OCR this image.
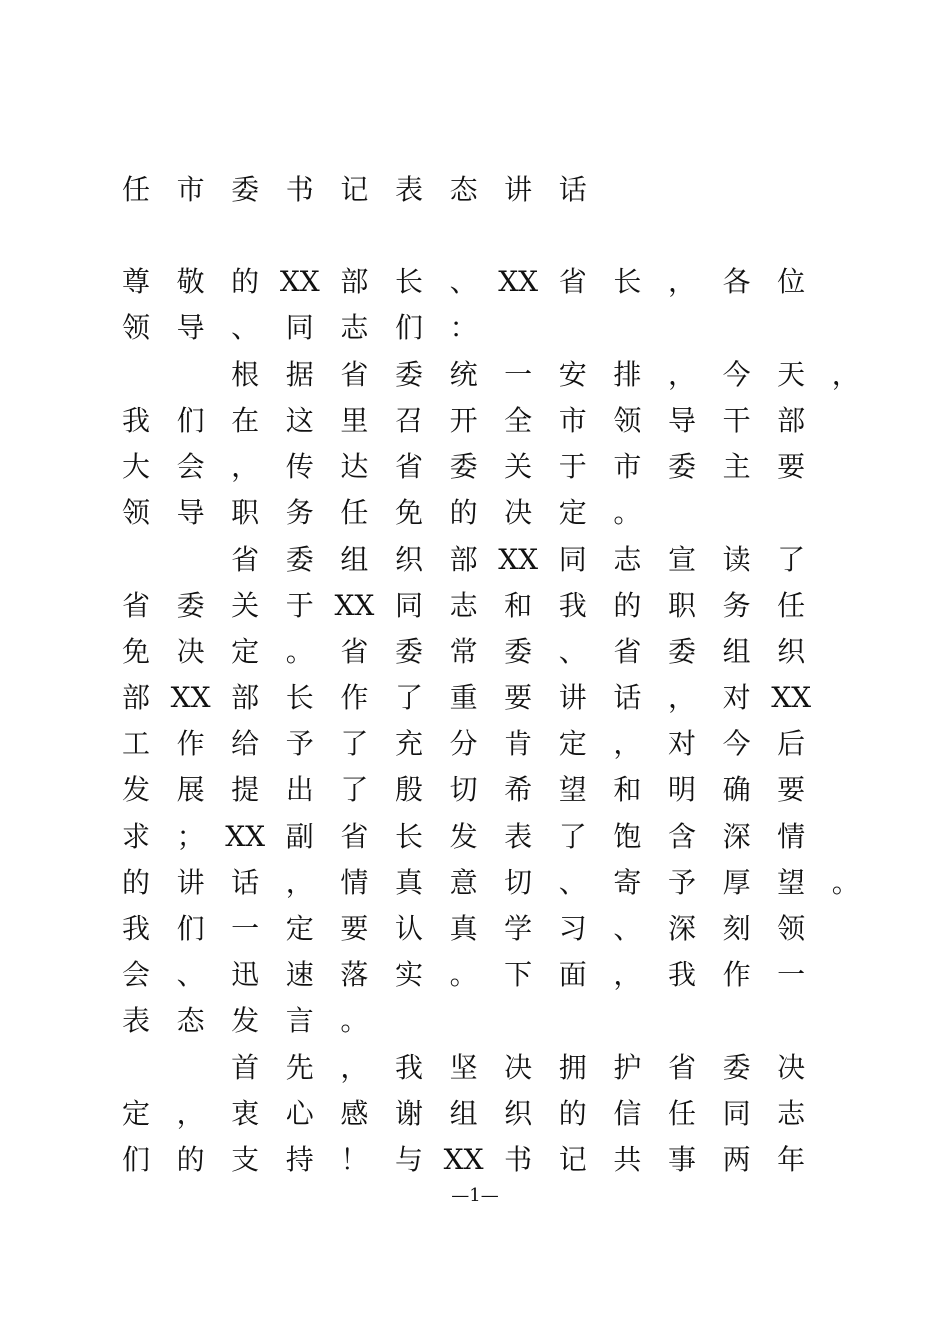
任 市 委 书 记 表 态 讲 话
尊 敬 的 XX 部 长 、 XX 省 长 ， 各 位
领 导 、 同 志 们 ：
根 据 省 委 统 一 安 排 ， 今 天 ，
我 们 在 这 里 召 开 全 市 领 导 干 部
大 会 ， 传 达 省 委 关 于 市 委 主 要
领 导 职 务 任 免 的 决 定 。
省 委 组 织 部 XX 同 志 宣 读 了
省 委 关 于 XX 同 志 和 我 的 职 务 任
免 决 定 。 省 委 常 委 、 省 委 组 织
部 XX 部 长 作 了 重 要 讲 话 ， 对 XX
工 作 给 予 了 充 分 肯 定 ， 对 今 后
发 展 提 出 了 殷 切 希 望 和 明 确 要
求 ； XX 副 省 长 发 表 了 饱 含 深 情
的 讲 话 ， 情 真 意 切 、 寄 予 厚 望 。
我 们 一 定 要 认 真 学 习 、 深 刻 领
会 、 迅 速 落 实 。 下 面 ， 我 作 一
表 态 发 言 。
首 先 ， 我 坚 决 拥 护 省 委 决
定 ， 衷 心 感 谢 组 织 的 信 任 同 志
们 的 支 持 ！ 与 XX 书 记 共 事 两 年
—1—
